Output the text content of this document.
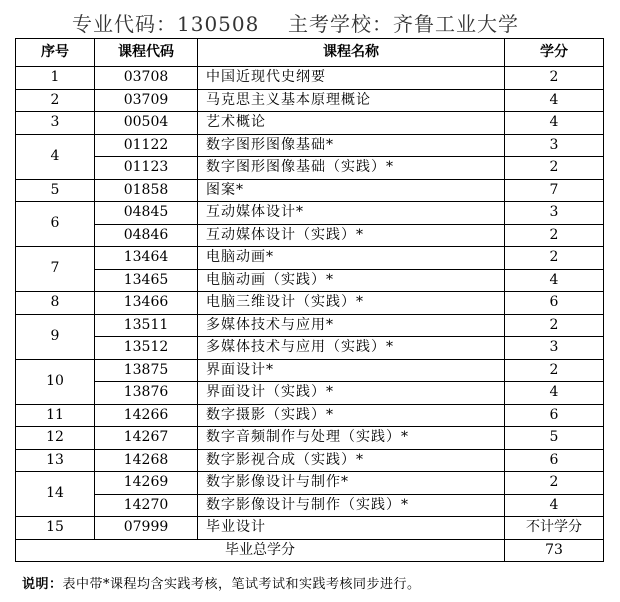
专业代码：130508 主考学校：齐鲁工业大学
序号	课程代码	课程名称	学分
1	03708	中国近现代史纲要	2
2	03709	马克思主义基本原理概论	4
3	00504	艺术概论	4
4	01122	数字图形图像基础*	3
	01123	数字图形图像基础（实践）*	2
5	01858	图案*	7
6	04845	互动媒体设计*	3
	04846	互动媒体设计（实践）*	2
7	13464	电脑动画*	2
	13465	电脑动画（实践）*	4
8	13466	电脑三维设计（实践）*	6
9	13511	多媒体技术与应用*	2
	13512	多媒体技术与应用（实践）*	3
10	13875	界面设计*	2
	13876	界面设计（实践）*	4
11	14266	数字摄影（实践）*	6
12	14267	数字音频制作与处理（实践）*	5
13	14268	数字影视合成（实践）*	6
14	14269	数字影像设计与制作*	2
	14270	数字影像设计与制作（实践）*	4
15	07999	毕业设计	不计学分
毕业总学分			73
说明：表中带*课程均含实践考核，笔试考试和实践考核同步进行。
